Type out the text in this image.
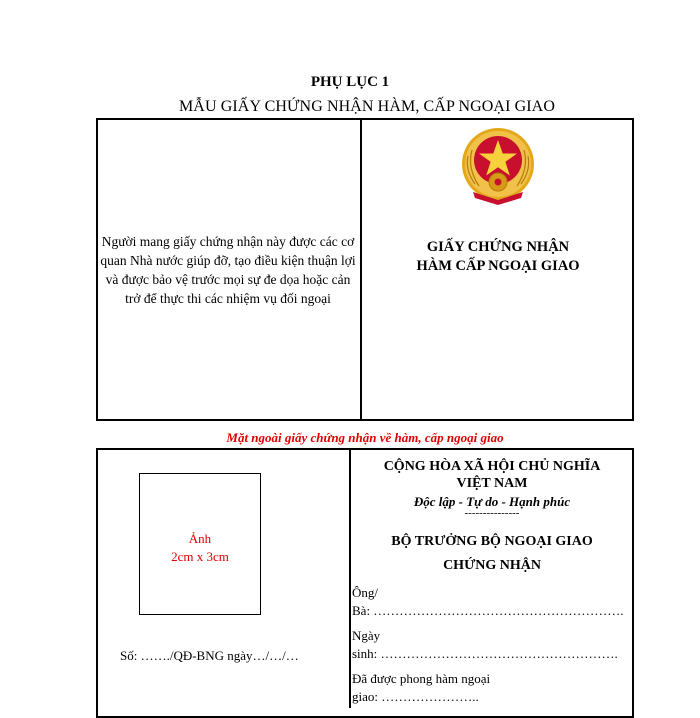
PHỤ LỤC 1
MẪU GIẤY CHỨNG NHẬN HÀM, CẤP NGOẠI GIAO
Người mang giấy chứng nhận này được các cơ quan Nhà nước giúp đỡ, tạo điều kiện thuận lợi và được bảo vệ trước mọi sự đe dọa hoặc cản trở để thực thi các nhiệm vụ đối ngoại
GIẤY CHỨNG NHẬN
HÀM CẤP NGOẠI GIAO
Mặt ngoài giấy chứng nhận về hàm, cấp ngoại giao
Ảnh
2cm x 3cm
Số: ……./QĐ-BNG ngày…/…/…
CỘNG HÒA XÃ HỘI CHỦ NGHĨA
VIỆT NAM
Độc lập - Tự do - Hạnh phúc
---------------
BỘ TRƯỞNG BỘ NGOẠI GIAO
CHỨNG NHẬN
Ông/
Bà: ………………………………………………….
Ngày
sinh: ……………………………………………….
Đã được phong hàm ngoại
giao: …………………..
